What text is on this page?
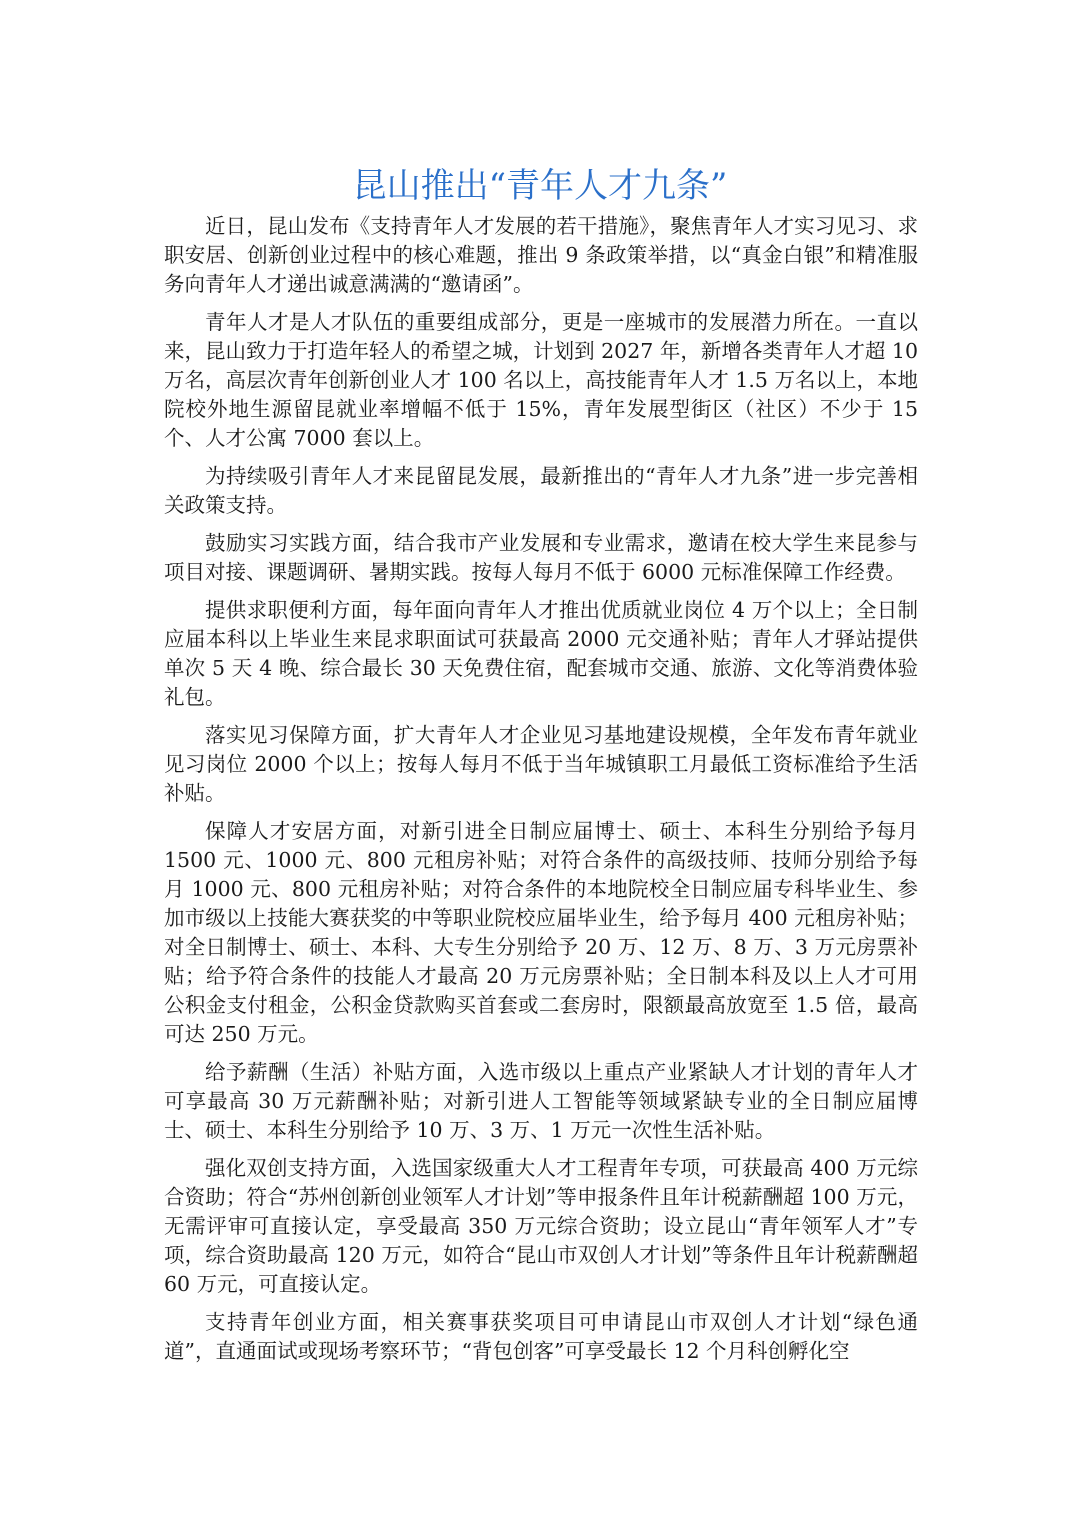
昆山推出“青年人才九条”

近日，昆山发布《支持青年人才发展的若干措施》，聚焦青年人才实习见习、求职安居、创新创业过程中的核心难题，推出 9 条政策举措，以“真金白银”和精准服务向青年人才递出诚意满满的“邀请函”。

青年人才是人才队伍的重要组成部分，更是一座城市的发展潜力所在。一直以来，昆山致力于打造年轻人的希望之城，计划到 2027 年，新增各类青年人才超 10 万名，高层次青年创新创业人才 100 名以上，高技能青年人才 1.5 万名以上，本地院校外地生源留昆就业率增幅不低于 15%，青年发展型街区（社区）不少于 15 个、人才公寓 7000 套以上。

为持续吸引青年人才来昆留昆发展，最新推出的“青年人才九条”进一步完善相关政策支持。

鼓励实习实践方面，结合我市产业发展和专业需求，邀请在校大学生来昆参与项目对接、课题调研、暑期实践。按每人每月不低于 6000 元标准保障工作经费。

提供求职便利方面，每年面向青年人才推出优质就业岗位 4 万个以上；全日制应届本科以上毕业生来昆求职面试可获最高 2000 元交通补贴；青年人才驿站提供单次 5 天 4 晚、综合最长 30 天免费住宿，配套城市交通、旅游、文化等消费体验礼包。

落实见习保障方面，扩大青年人才企业见习基地建设规模，全年发布青年就业见习岗位 2000 个以上；按每人每月不低于当年城镇职工月最低工资标准给予生活补贴。

保障人才安居方面，对新引进全日制应届博士、硕士、本科生分别给予每月 1500 元、1000 元、800 元租房补贴；对符合条件的高级技师、技师分别给予每月 1000 元、800 元租房补贴；对符合条件的本地院校全日制应届专科毕业生、参加市级以上技能大赛获奖的中等职业院校应届毕业生，给予每月 400 元租房补贴；对全日制博士、硕士、本科、大专生分别给予 20 万、12 万、8 万、3 万元房票补贴；给予符合条件的技能人才最高 20 万元房票补贴；全日制本科及以上人才可用公积金支付租金，公积金贷款购买首套或二套房时，限额最高放宽至 1.5 倍，最高可达 250 万元。

给予薪酬（生活）补贴方面，入选市级以上重点产业紧缺人才计划的青年人才可享最高 30 万元薪酬补贴；对新引进人工智能等领域紧缺专业的全日制应届博士、硕士、本科生分别给予 10 万、3 万、1 万元一次性生活补贴。

强化双创支持方面，入选国家级重大人才工程青年专项，可获最高 400 万元综合资助；符合“苏州创新创业领军人才计划”等申报条件且年计税薪酬超 100 万元，无需评审可直接认定，享受最高 350 万元综合资助；设立昆山“青年领军人才”专项，综合资助最高 120 万元，如符合“昆山市双创人才计划”等条件且年计税薪酬超 60 万元，可直接认定。

支持青年创业方面，相关赛事获奖项目可申请昆山市双创人才计划“绿色通道”，直通面试或现场考察环节；“背包创客”可享受最长 12 个月科创孵化空
